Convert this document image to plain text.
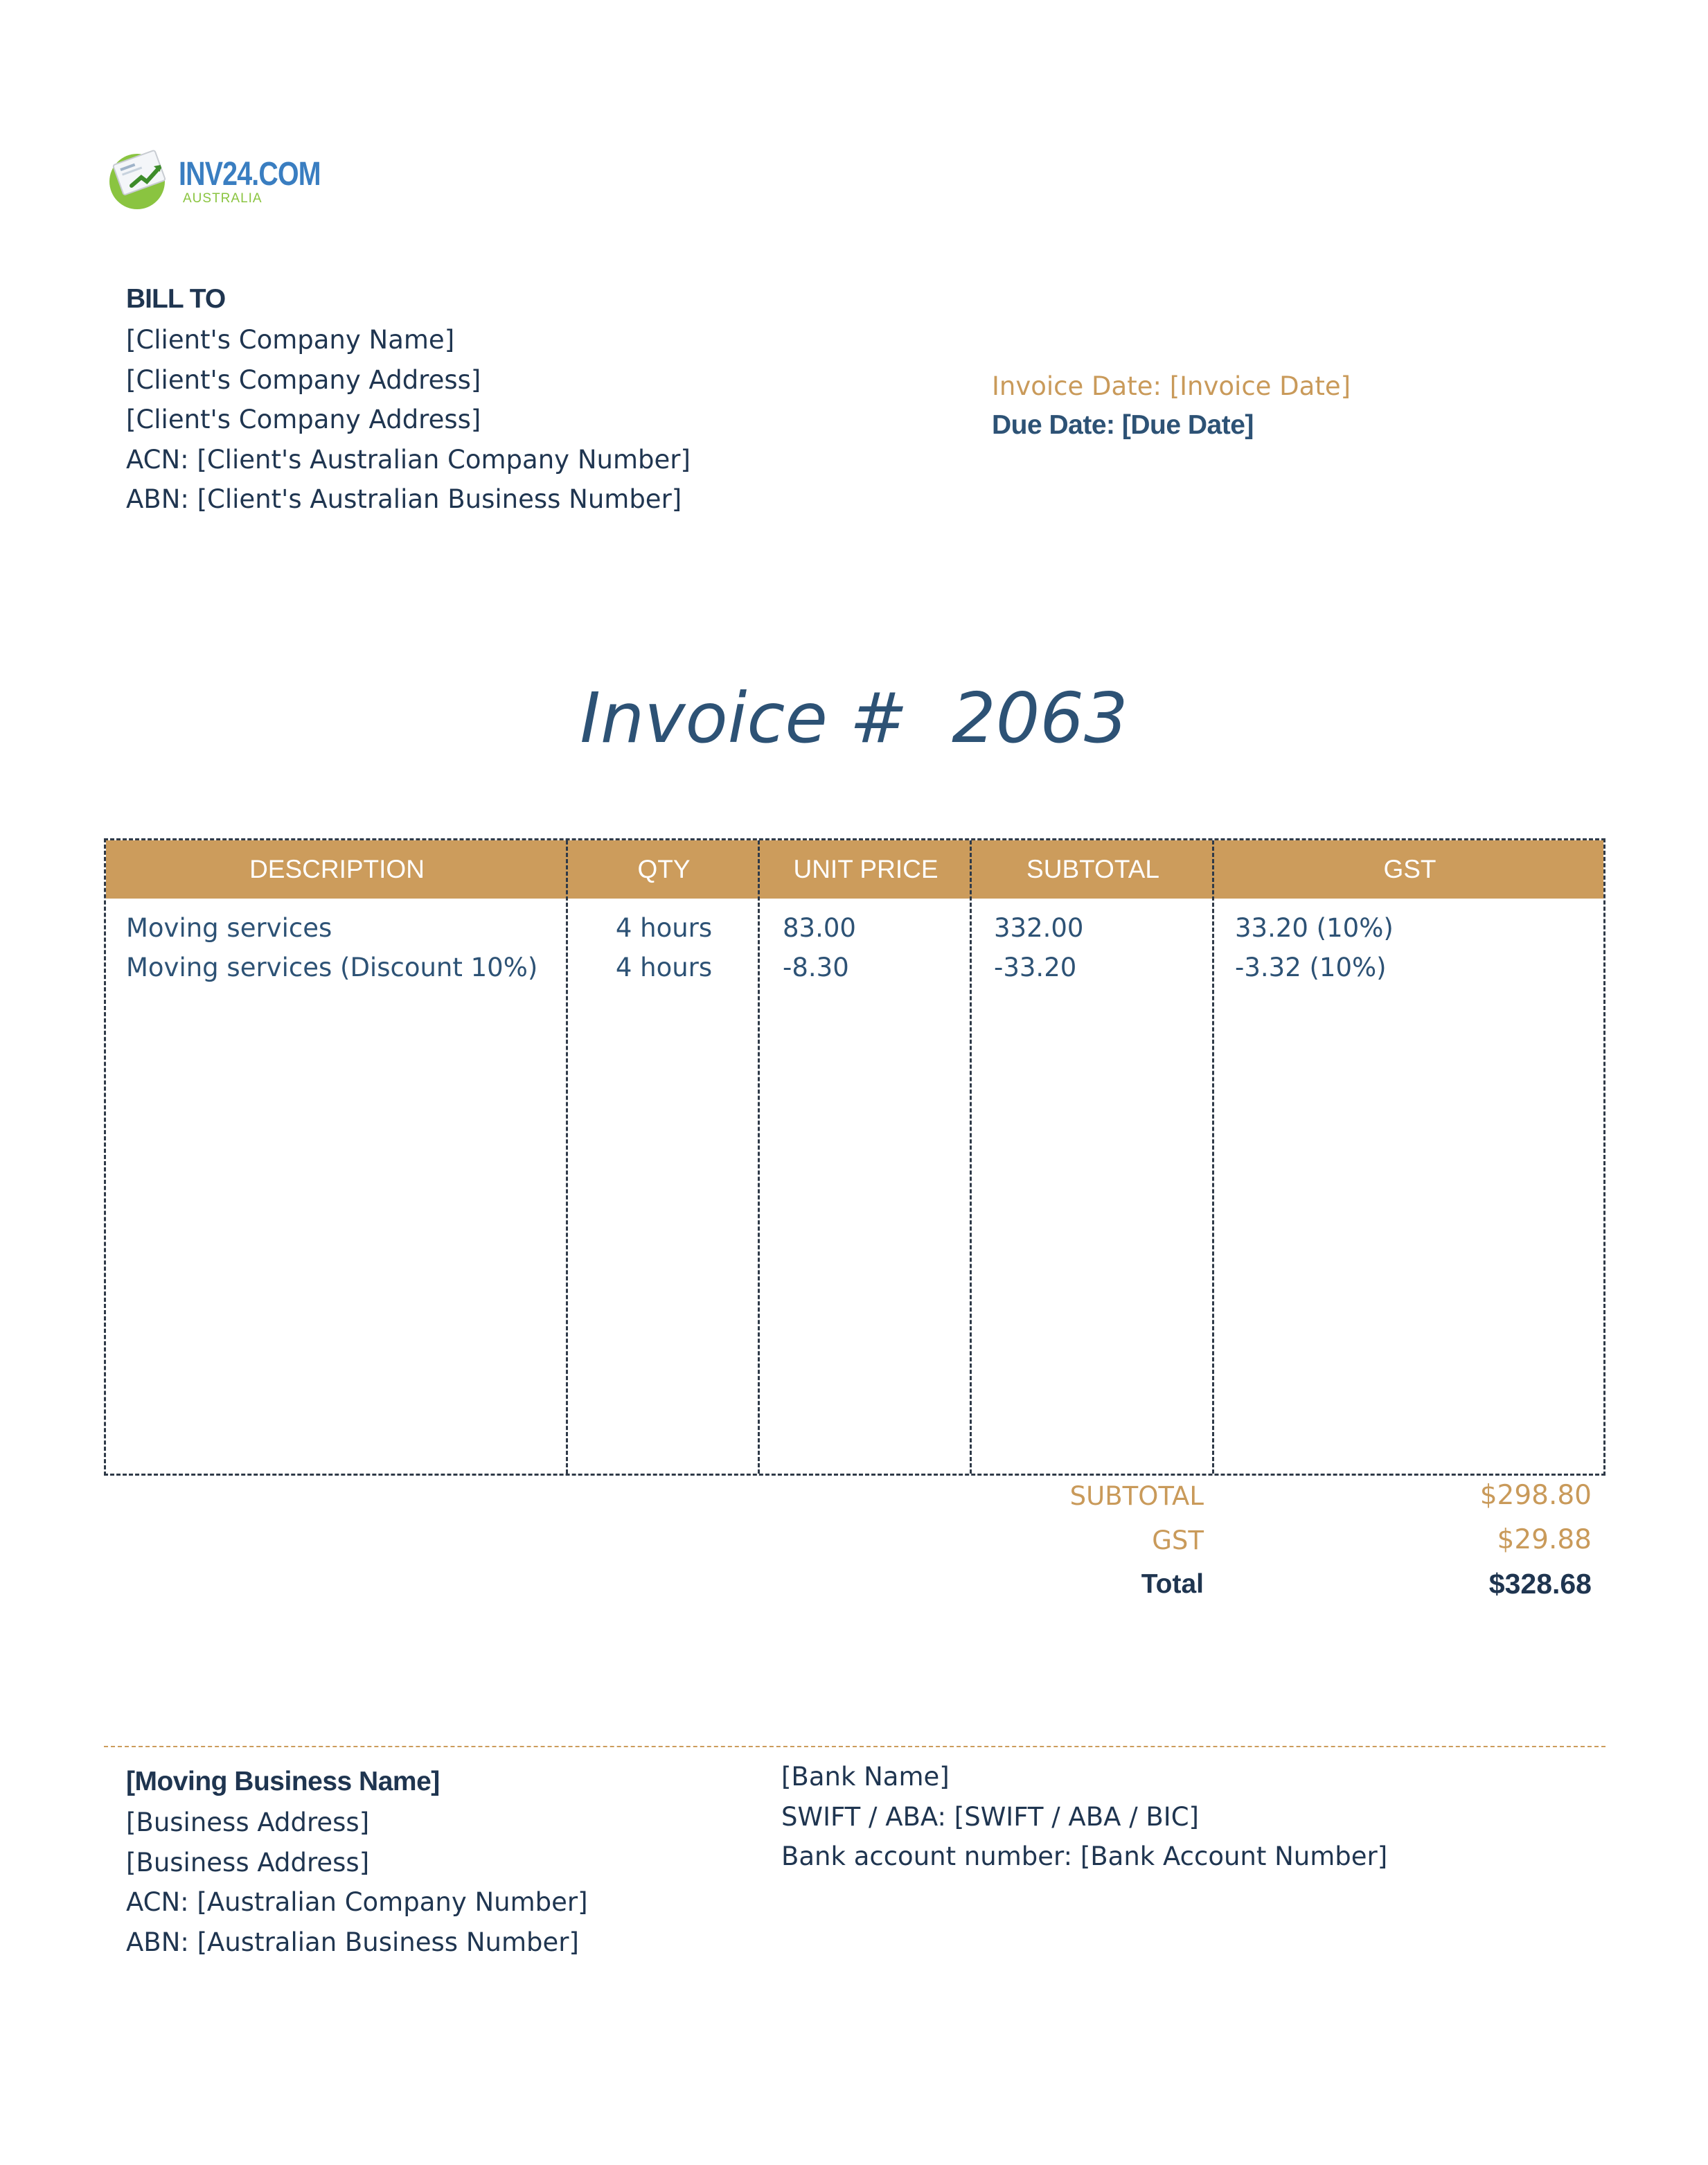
INV24.COM
AUSTRALIA
BILL TO
[Client's Company Name]
[Client's Company Address]
[Client's Company Address]
ACN: [Client's Australian Company Number]
ABN: [Client's Australian Business Number]
Invoice Date: [Invoice Date]
Due Date: [Due Date]
Invoice #  2063
DESCRIPTION	QTY	UNIT PRICE	SUBTOTAL	GST
Moving services	4 hours	83.00	332.00	33.20 (10%)
Moving services (Discount 10%)	4 hours	-8.30	-33.20	-3.32 (10%)
SUBTOTAL	$298.80
GST	$29.88
Total	$328.68
[Moving Business Name]
[Business Address]
[Business Address]
ACN: [Australian Company Number]
ABN: [Australian Business Number]
[Bank Name]
SWIFT / ABA: [SWIFT / ABA / BIC]
Bank account number: [Bank Account Number]
